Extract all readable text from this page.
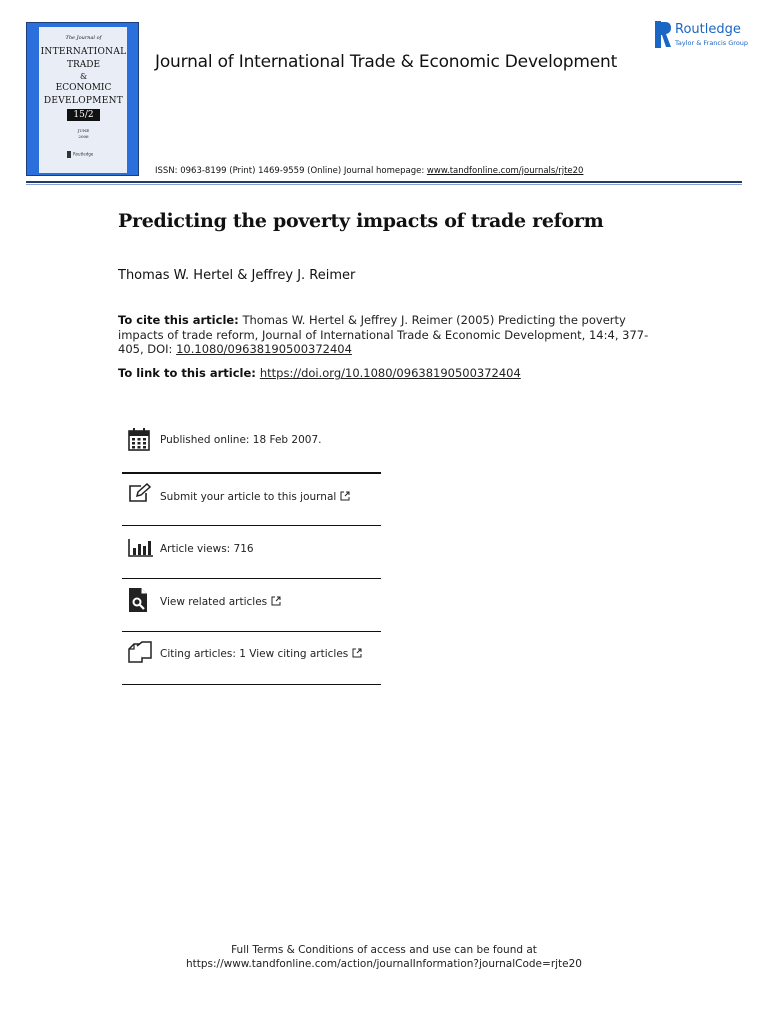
The Journal of
INTERNATIONAL
TRADE
&
ECONOMIC
DEVELOPMENT
15/2
JUNE
2006
Routledge
Journal of International Trade & Economic Development
Routledge
Taylor & Francis Group
ISSN: 0963-8199 (Print) 1469-9559 (Online) Journal homepage: www.tandfonline.com/journals/rjte20
Predicting the poverty impacts of trade reform
Thomas W. Hertel & Jeffrey J. Reimer
To cite this article: Thomas W. Hertel & Jeffrey J. Reimer (2005) Predicting the poverty impacts of trade reform, Journal of International Trade & Economic Development, 14:4, 377-405, DOI: 10.1080/09638190500372404
To link to this article: https://doi.org/10.1080/09638190500372404
Published online: 18 Feb 2007.
Submit your article to this journal
Article views: 716
View related articles
Citing articles: 1 View citing articles
Full Terms & Conditions of access and use can be found at
https://www.tandfonline.com/action/journalInformation?journalCode=rjte20
